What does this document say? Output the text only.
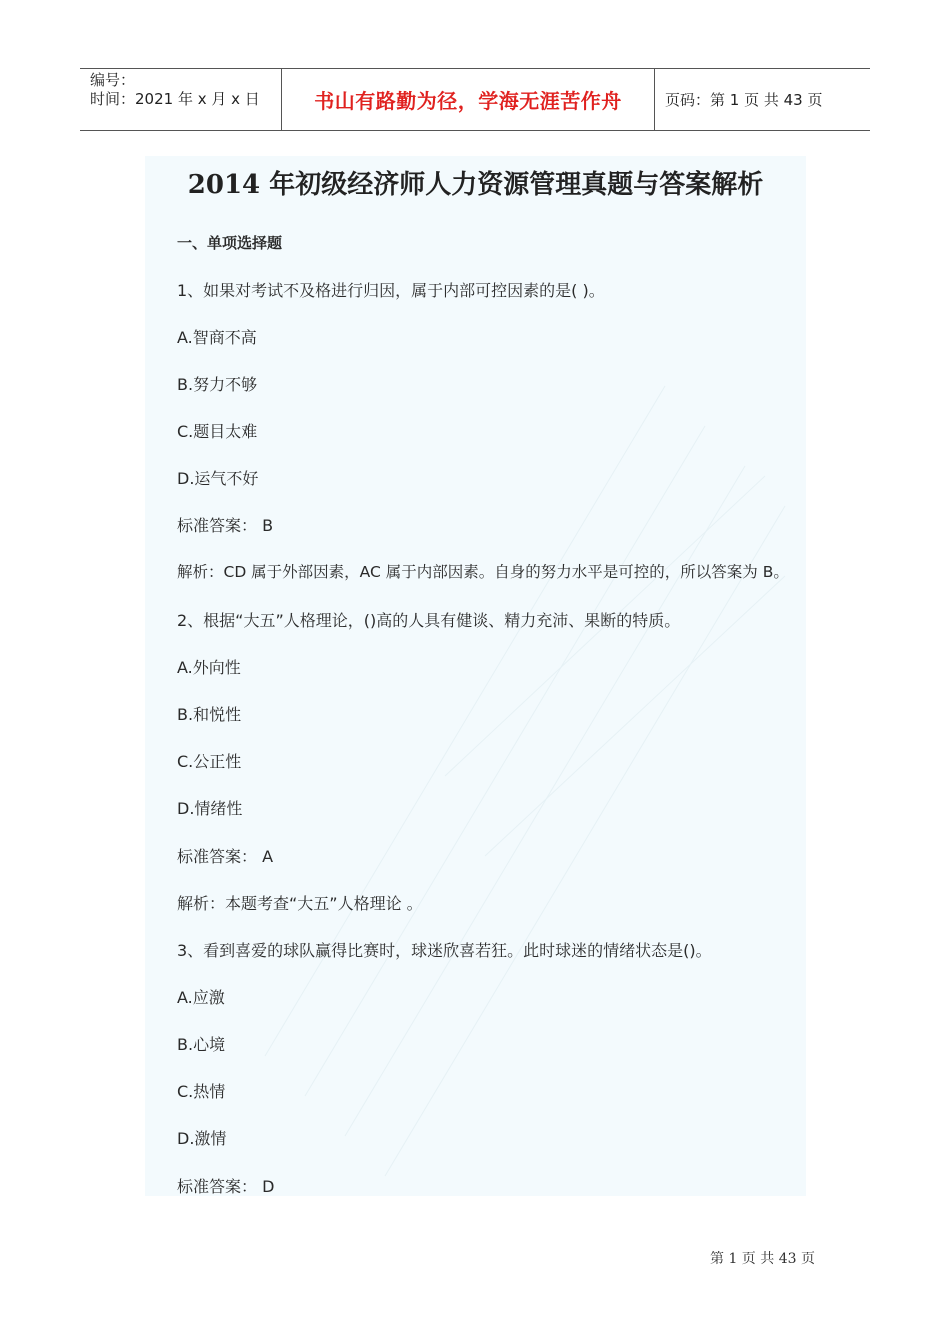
编号：
时间：2021 年 x 月 x 日	书山有路勤为径，学海无涯苦作舟	页码：第 1 页 共 43 页
2014 年初级经济师人力资源管理真题与答案解析
一、单项选择题
1、如果对考试不及格进行归因，属于内部可控因素的是( )。
A.智商不高
B.努力不够
C.题目太难
D.运气不好
标准答案： B
解析：CD 属于外部因素，AC 属于内部因素。自身的努力水平是可控的，所以答案为 B。
2、根据“大五”人格理论，()高的人具有健谈、精力充沛、果断的特质。
A.外向性
B.和悦性
C.公正性
D.情绪性
标准答案： A
解析：本题考查“大五”人格理论 。
3、看到喜爱的球队赢得比赛时，球迷欣喜若狂。此时球迷的情绪状态是()。
A.应激
B.心境
C.热情
D.激情
标准答案： D
第 1 页 共 43 页
